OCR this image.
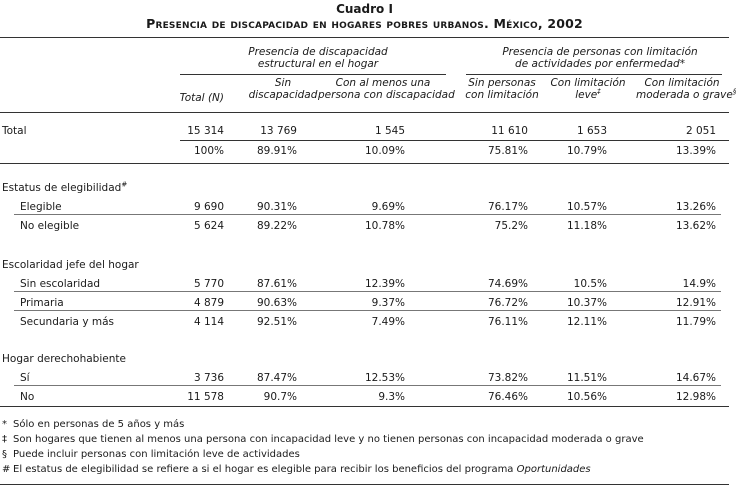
Cuadro I
Presencia de discapacidad en hogares pobres urbanos. México, 2002
Presencia de discapacidad
estructural en el hogar
Presencia de personas con limitación
de actividades por enfermedad*
Total (N)
Sin
discapacidad
Con al menos una
persona con discapacidad
Sin personas
con limitación
Con limitación
leve‡
Con limitación
moderada o grave§
Total	15 314	13 769	1 545	11 610	1 653	2 051
100%	89.91%	10.09%	75.81%	10.79%	13.39%
Estatus de elegibilidad#
Elegible	9 690	90.31%	9.69%	76.17%	10.57%	13.26%
No elegible	5 624	89.22%	10.78%	75.2%	11.18%	13.62%
Escolaridad jefe del hogar
Sin escolaridad	5 770	87.61%	12.39%	74.69%	10.5%	14.9%
Primaria	4 879	90.63%	9.37%	76.72%	10.37%	12.91%
Secundaria y más	4 114	92.51%	7.49%	76.11%	12.11%	11.79%
Hogar derechohabiente
Sí	3 736	87.47%	12.53%	73.82%	11.51%	14.67%
No	11 578	90.7%	9.3%	76.46%	10.56%	12.98%
* Sólo en personas de 5 años y más
‡ Son hogares que tienen al menos una persona con incapacidad leve y no tienen personas con incapacidad moderada o grave
§ Puede incluir personas con limitación leve de actividades
# El estatus de elegibilidad se refiere a si el hogar es elegible para recibir los beneficios del programa Oportunidades
